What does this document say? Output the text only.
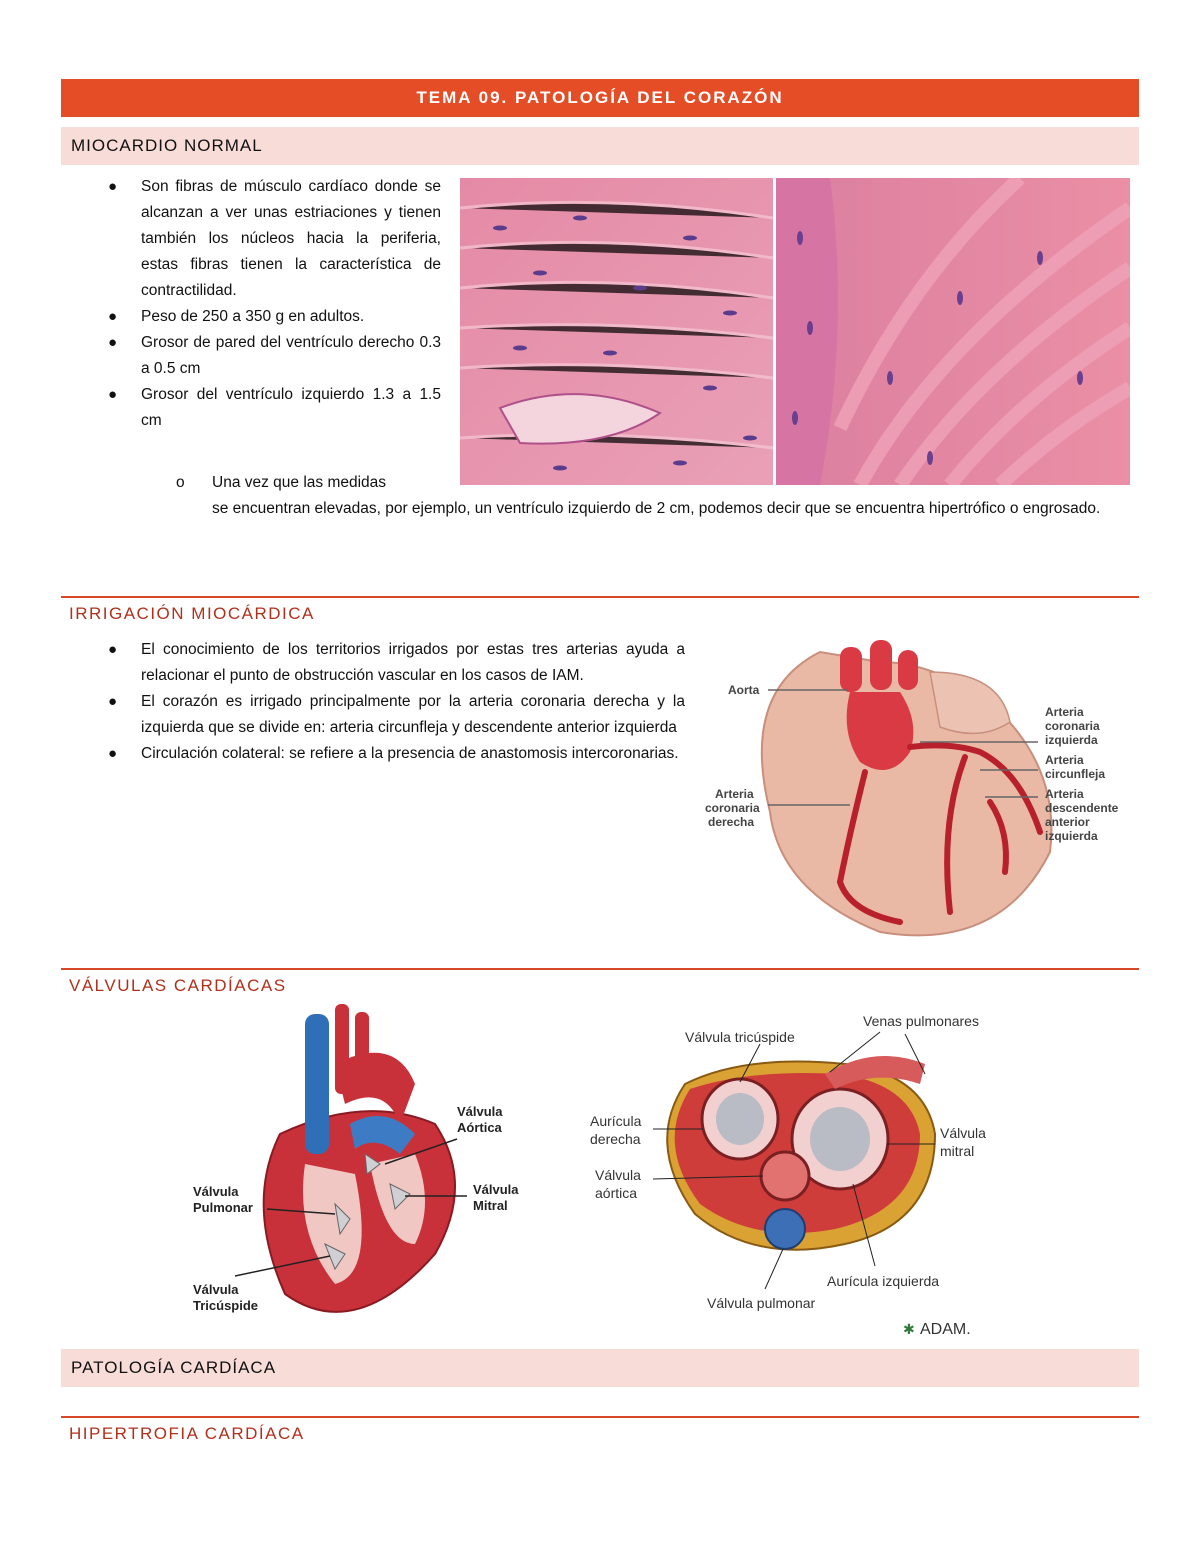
TEMA 09. PATOLOGÍA DEL CORAZÓN
MIOCARDIO NORMAL
● Son fibras de músculo cardíaco donde se alcanzan a ver unas estriaciones y tienen también los núcleos hacia la periferia, estas fibras tienen la característica de contractilidad.
● Peso de 250 a 350 g en adultos.
● Grosor de pared del ventrículo derecho 0.3 a 0.5 cm
● Grosor del ventrículo izquierdo 1.3 a 1.5 cm
o	Una vez que las medidas
se encuentran elevadas, por ejemplo, un ventrículo izquierdo de 2 cm, podemos decir que se encuentra hipertrófico o engrosado.
IRRIGACIÓN MIOCÁRDICA
● El conocimiento de los territorios irrigados por estas tres arterias ayuda a relacionar el punto de obstrucción vascular en los casos de IAM.
● El corazón es irrigado principalmente por la arteria coronaria derecha y la izquierda que se divide en: arteria circunfleja y descendente anterior izquierda
● Circulación colateral: se refiere a la presencia de anastomosis intercoronarias.
Aorta
Arteria
coronaria
izquierda
Arteria
circunfleja
Arteria
descendente
anterior
izquierda
Arteria
coronaria
derecha
VÁLVULAS CARDÍACAS
Válvula
Aórtica
Válvula
Pulmonar
Válvula
Mitral
Válvula
Tricúspide
Venas pulmonares
Válvula tricúspide
Aurícula
derecha
Válvula
aórtica
Válvula
mitral
Aurícula izquierda
Válvula pulmonar
ADAM.
✱
PATOLOGÍA CARDÍACA
HIPERTROFIA CARDÍACA
